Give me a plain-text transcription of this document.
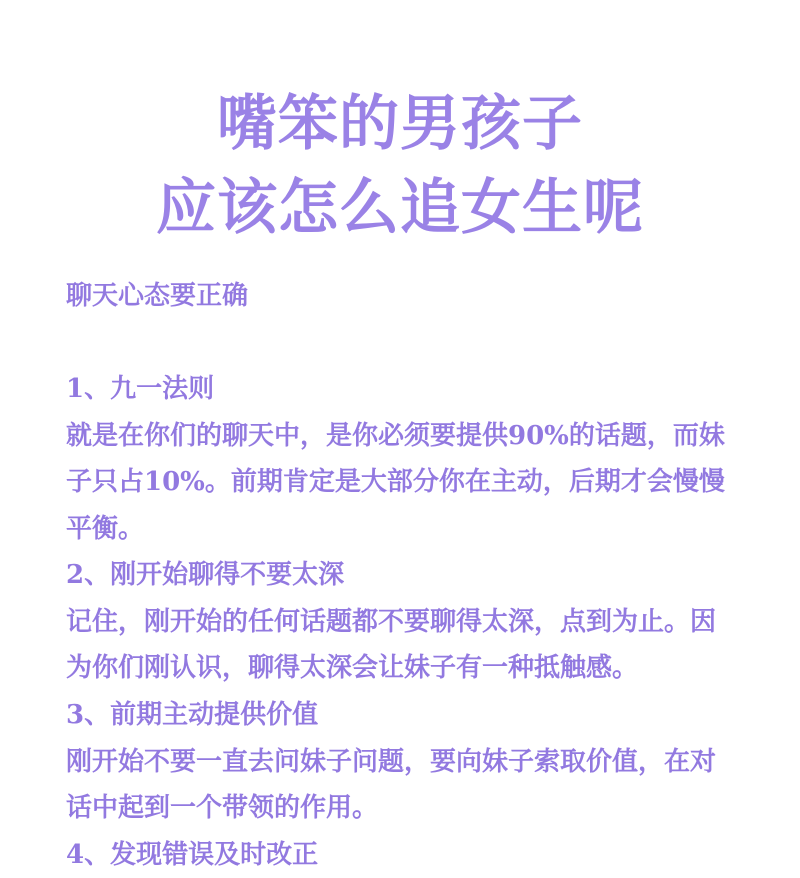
嘴笨的男孩子
应该怎么追女生呢
聊天心态要正确
1、九一法则
就是在你们的聊天中，是你必须要提供90%的话题，而妹
子只占10%。前期肯定是大部分你在主动，后期才会慢慢
平衡。
2、刚开始聊得不要太深
记住，刚开始的任何话题都不要聊得太深，点到为止。因
为你们刚认识，聊得太深会让妹子有一种抵触感。
3、前期主动提供价值
刚开始不要一直去问妹子问题，要向妹子索取价值，在对
话中起到一个带领的作用。
4、发现错误及时改正
